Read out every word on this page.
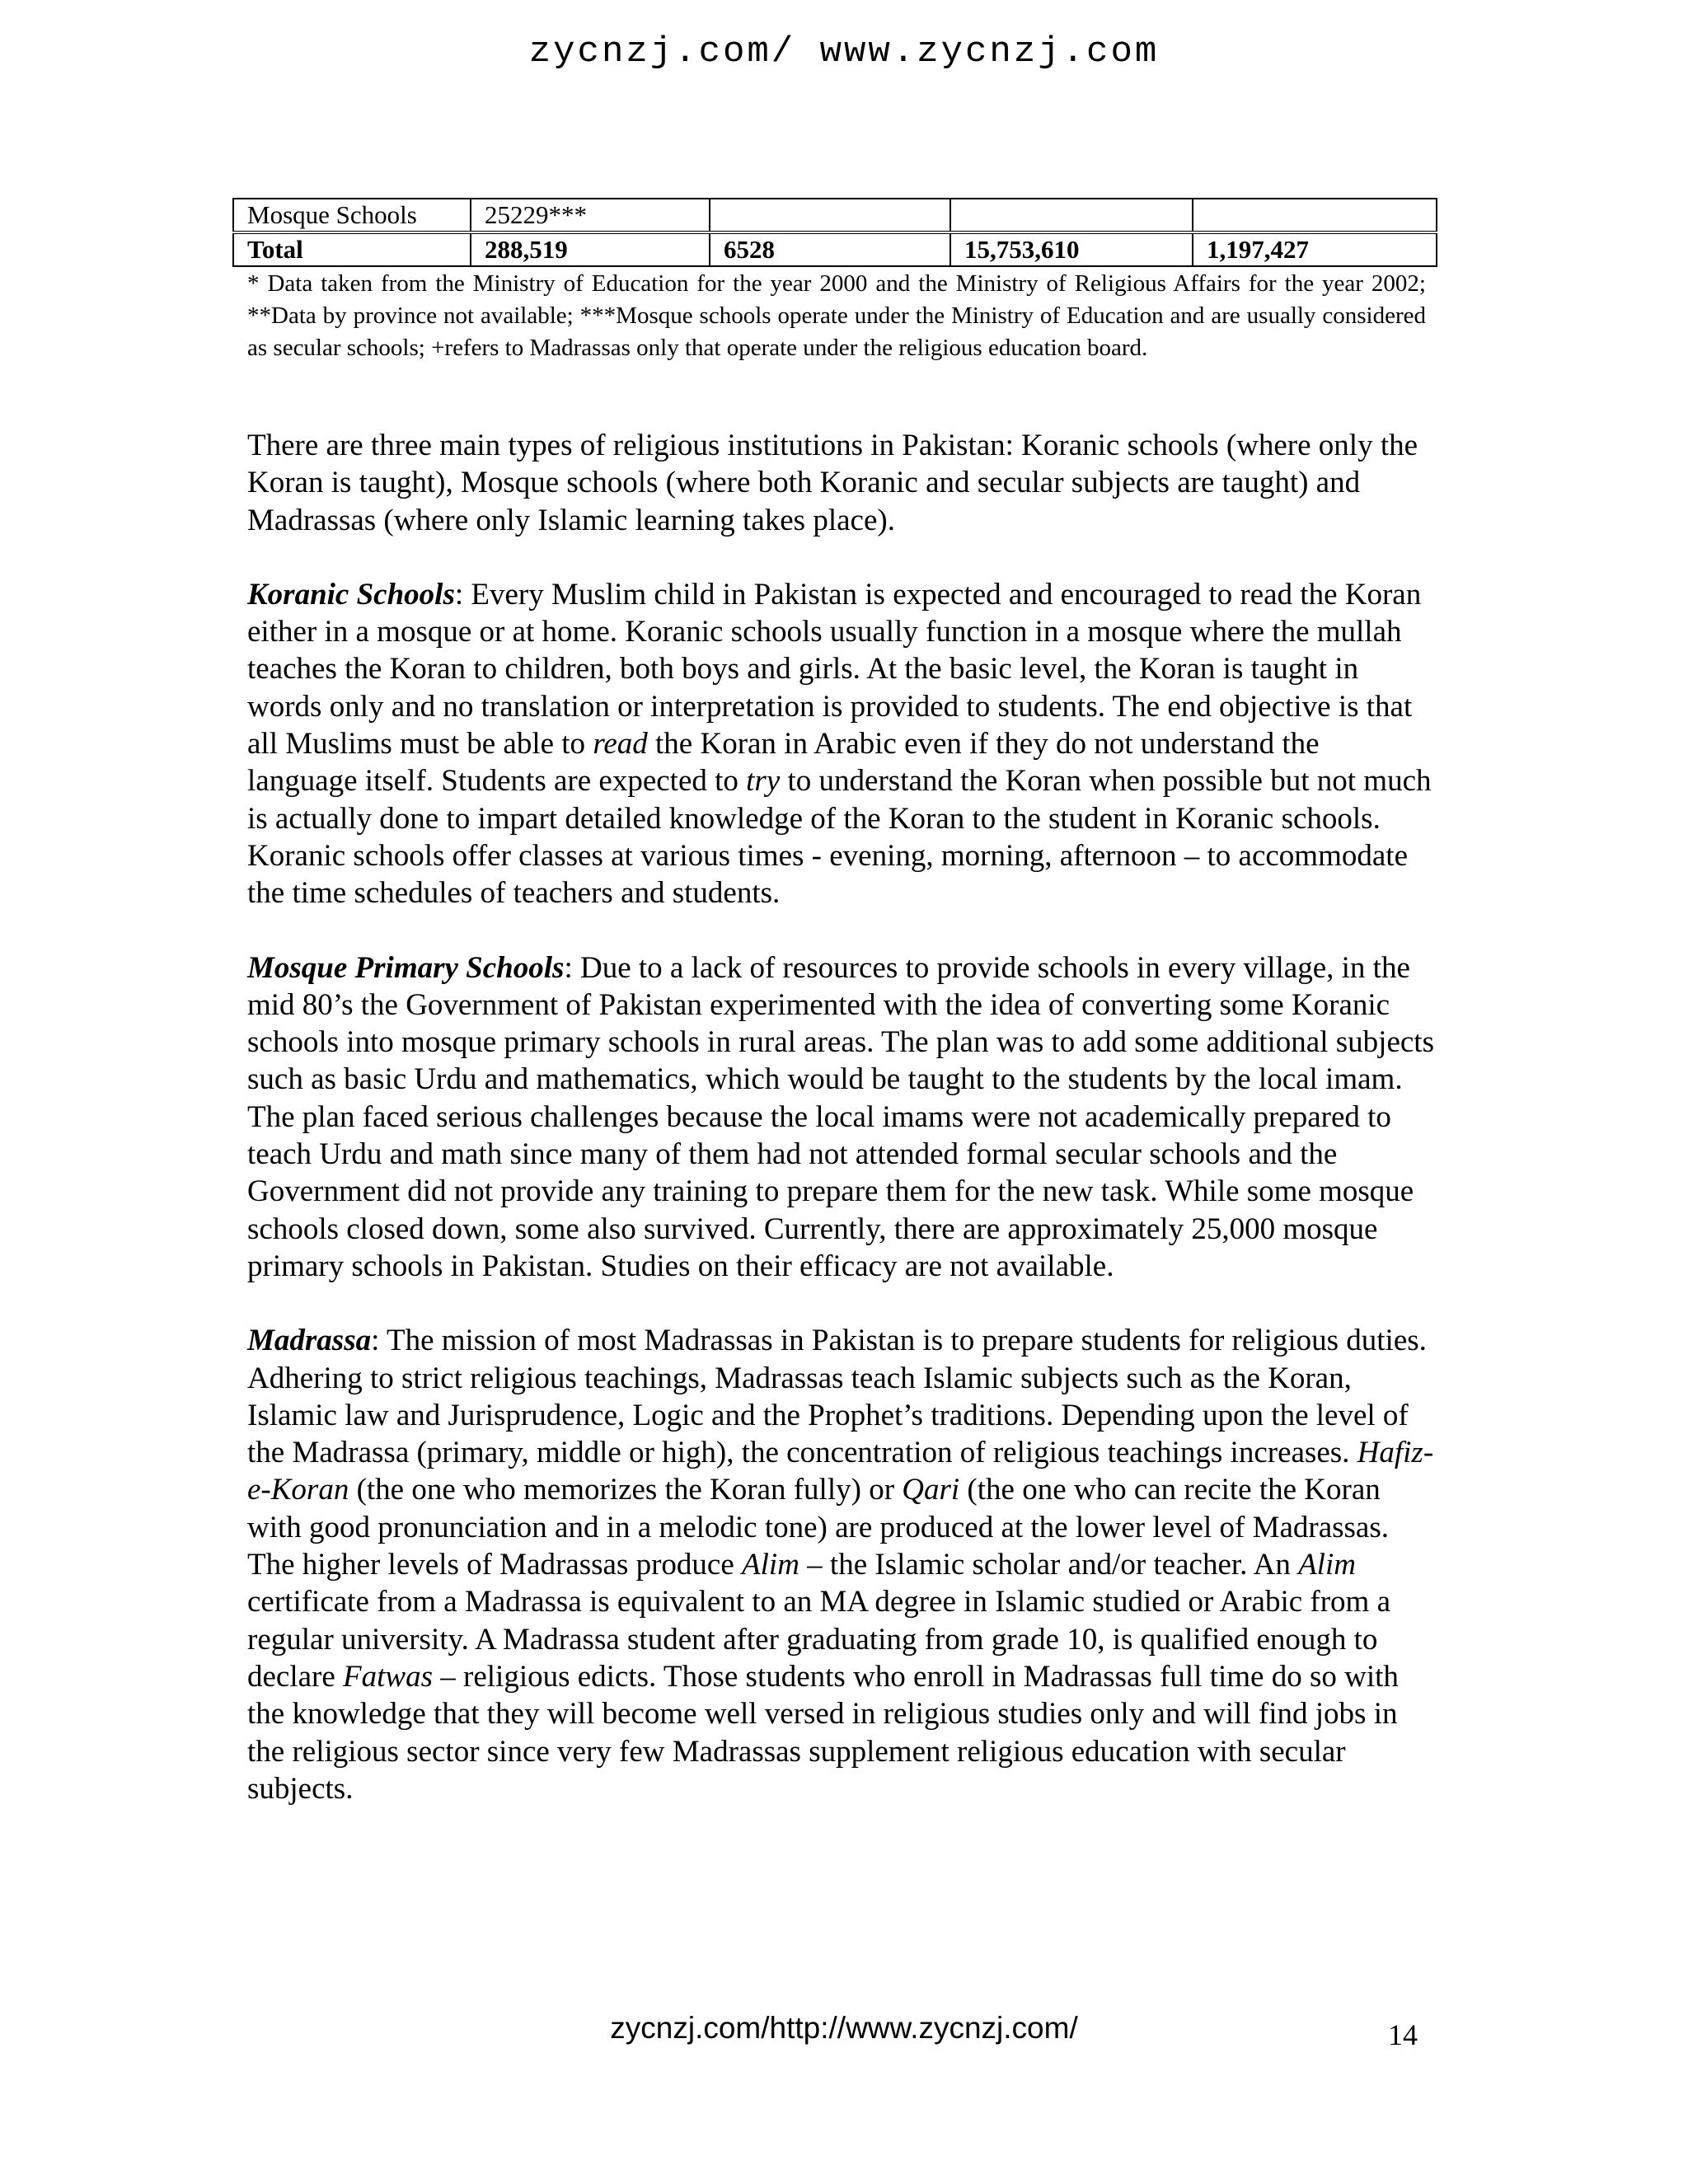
zycnzj.com/ www.zycnzj.com
Mosque Schools	25229***			
Total	288,519	6528	15,753,610	1,197,427
* Data taken from the Ministry of Education for the year 2000 and the Ministry of Religious Affairs for the year 2002; **Data by province not available; ***Mosque schools operate under the Ministry of Education and are usually considered as secular schools; +refers to Madrassas only that operate under the religious education board.

There are three main types of religious institutions in Pakistan: Koranic schools (where only the Koran is taught), Mosque schools (where both Koranic and secular subjects are taught) and Madrassas (where only Islamic learning takes place).

Koranic Schools: Every Muslim child in Pakistan is expected and encouraged to read the Koran either in a mosque or at home. Koranic schools usually function in a mosque where the mullah teaches the Koran to children, both boys and girls. At the basic level, the Koran is taught in words only and no translation or interpretation is provided to students. The end objective is that all Muslims must be able to read the Koran in Arabic even if they do not understand the language itself. Students are expected to try to understand the Koran when possible but not much is actually done to impart detailed knowledge of the Koran to the student in Koranic schools. Koranic schools offer classes at various times - evening, morning, afternoon – to accommodate the time schedules of teachers and students.

Mosque Primary Schools: Due to a lack of resources to provide schools in every village, in the mid 80’s the Government of Pakistan experimented with the idea of converting some Koranic schools into mosque primary schools in rural areas. The plan was to add some additional subjects such as basic Urdu and mathematics, which would be taught to the students by the local imam. The plan faced serious challenges because the local imams were not academically prepared to teach Urdu and math since many of them had not attended formal secular schools and the Government did not provide any training to prepare them for the new task. While some mosque schools closed down, some also survived. Currently, there are approximately 25,000 mosque primary schools in Pakistan. Studies on their efficacy are not available.

Madrassa: The mission of most Madrassas in Pakistan is to prepare students for religious duties. Adhering to strict religious teachings, Madrassas teach Islamic subjects such as the Koran, Islamic law and Jurisprudence, Logic and the Prophet’s traditions. Depending upon the level of the Madrassa (primary, middle or high), the concentration of religious teachings increases. Hafiz-e-Koran (the one who memorizes the Koran fully) or Qari (the one who can recite the Koran with good pronunciation and in a melodic tone) are produced at the lower level of Madrassas. The higher levels of Madrassas produce Alim – the Islamic scholar and/or teacher. An Alim certificate from a Madrassa is equivalent to an MA degree in Islamic studied or Arabic from a regular university. A Madrassa student after graduating from grade 10, is qualified enough to declare Fatwas – religious edicts. Those students who enroll in Madrassas full time do so with the knowledge that they will become well versed in religious studies only and will find jobs in the religious sector since very few Madrassas supplement religious education with secular subjects.

zycnzj.com/http://www.zycnzj.com/	14
